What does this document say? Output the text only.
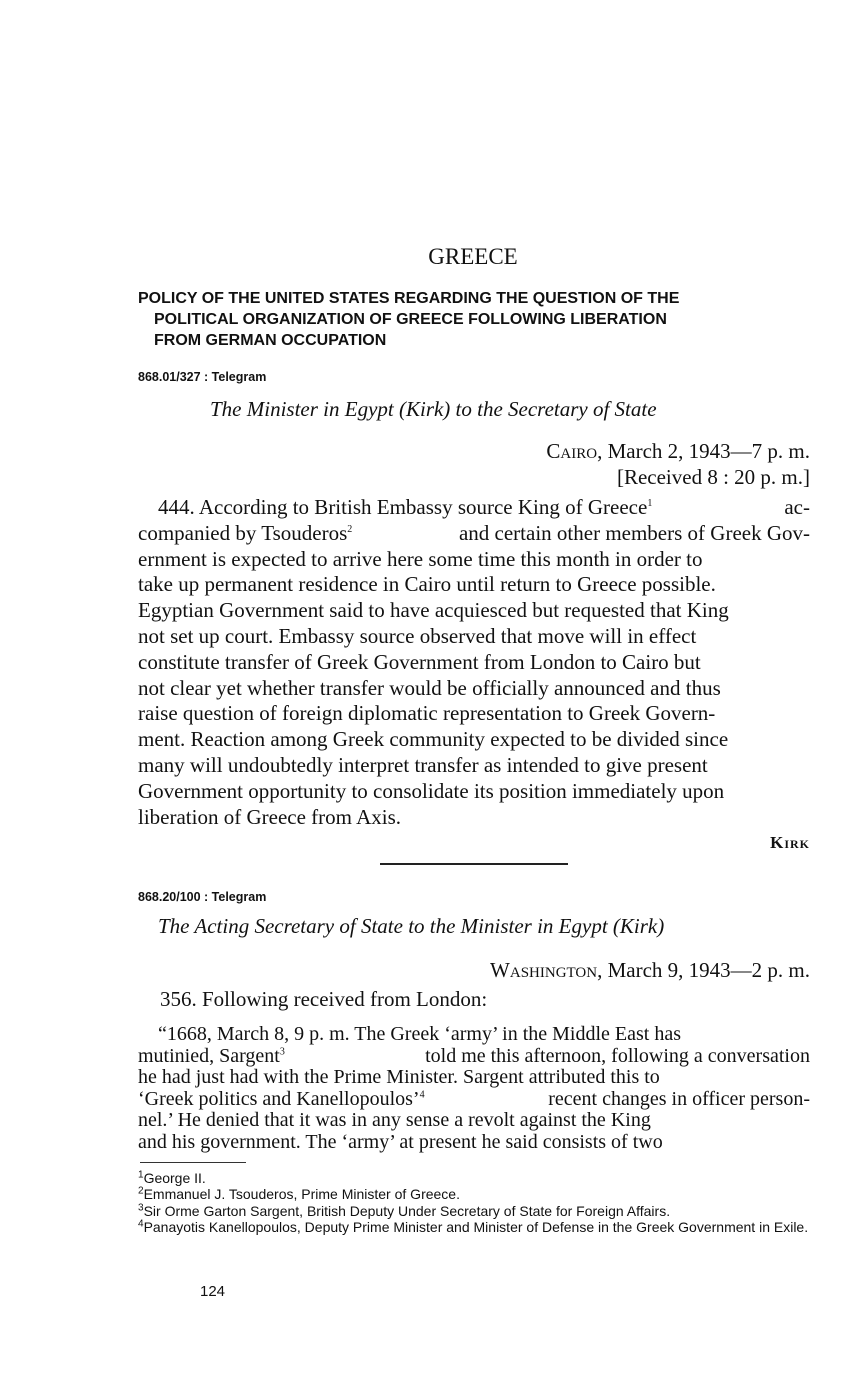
GREECE
POLICY OF THE UNITED STATES REGARDING THE QUESTION OF THE
POLITICAL ORGANIZATION OF GREECE FOLLOWING LIBERATION
FROM GERMAN OCCUPATION
868.01/327 : Telegram
The Minister in Egypt (Kirk) to the Secretary of State
Cairo, March 2, 1943—7 p. m.
[Received 8 : 20 p. m.]
444. According to British Embassy source King of Greece$^1$	ac-
companied by Tsouderos$^2$	and certain other members of Greek Gov-
ernment is expected to arrive here some time this month in order to
take up permanent residence in Cairo until return to Greece possible.
Egyptian Government said to have acquiesced but requested that King
not set up court. Embassy source observed that move will in effect
constitute transfer of Greek Government from London to Cairo but
not clear yet whether transfer would be officially announced and thus
raise question of foreign diplomatic representation to Greek Govern-
ment. Reaction among Greek community expected to be divided since
many will undoubtedly interpret transfer as intended to give present
Government opportunity to consolidate its position immediately upon
liberation of Greece from Axis.
Kirk
868.20/100 : Telegram
The Acting Secretary of State to the Minister in Egypt (Kirk)
Washington, March 9, 1943—2 p. m.
356. Following received from London:
“1668, March 8, 9 p. m. The Greek ‘army’ in the Middle East has
mutinied, Sargent$^3$	told me this afternoon, following a conversation
he had just had with the Prime Minister. Sargent attributed this to
‘Greek politics and Kanellopoulos’$^4$	recent changes in officer person-
nel.’ He denied that it was in any sense a revolt against the King
and his government. The ‘army’ at present he said consists of two
$^1$George II.
$^2$Emmanuel J. Tsouderos, Prime Minister of Greece.
$^3$Sir Orme Garton Sargent, British Deputy Under Secretary of State for Foreign Affairs.
$^4$Panayotis Kanellopoulos, Deputy Prime Minister and Minister of Defense in the Greek Government in Exile.
124
